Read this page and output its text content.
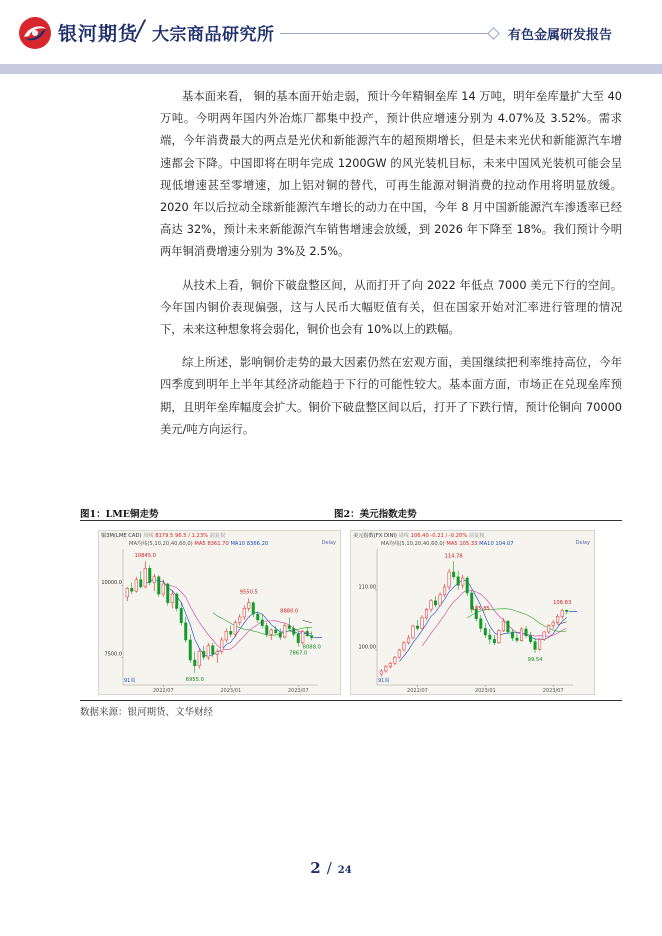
银河期货
/ 大宗商品研究所	有色金属研发报告

基本面来看， 铜的基本面开始走弱，预计今年精铜垒库 14 万吨，明年垒库量扩大至 40 万吨。今明两年国内外冶炼厂都集中投产，预计供应增速分别为 4.07%及 3.52%。需求端，今年消费最大的两点是光伏和新能源汽车的超预期增长，但是未来光伏和新能源汽车增速都会下降。中国即将在明年完成 1200GW 的风光装机目标，未来中国风光装机可能会呈现低增速甚至零增速，加上铝对铜的替代，可再生能源对铜消费的拉动作用将明显放缓。2020 年以后拉动全球新能源汽车增长的动力在中国，今年 8 月中国新能源汽车渗透率已经高达 32%，预计未来新能源汽车销售增速会放缓，到 2026 年下降至 18%。我们预计今明两年铜消费增速分别为 3%及 2.5%。

从技术上看，铜价下破盘整区间，从而打开了向 2022 年低点 7000 美元下行的空间。今年国内铜价表现偏强，这与人民币大幅贬值有关，但在国家开始对汇率进行管理的情况下，未来这种想象将会弱化，铜价也会有 10%以上的跌幅。

综上所述，影响铜价走势的最大因素仍然在宏观方面，美国继续把利率维持高位，今年四季度到明年上半年其经济动能趋于下行的可能性较大。基本面方面，市场正在兑现垒库预期，且明年垒库幅度会扩大。铜价下破盘整区间以后，打开了下跌行情，预计伦铜向 70000 美元/吨方向运行。

图1：LME铜走势	图2：美元指数走势
10000.0
7500.0
2022/07	2023/01	2023/07
91周
10845.0
9550.5
8880.0
7867.0
8088.0
6955.0
铜3M(LME CAD) 周线 8179.5 96.5 / 1.23% 前复权
MA均线(5,10,20,40,60,0) MA5 8361.70 MA10 8366.20	Delay
110.00
100.00
2022/07	2023/01	2023/07
91周
114.78
105.85
106.83
99.54
美元指数(FX DINI) 周线 106.40 -0.21 / -0.20% 前复权
MA均线(5,10,20,40,60,0) MA5 105.33 MA10 104.07	Delay
数据来源：银河期货、文华财经
2 / 24
